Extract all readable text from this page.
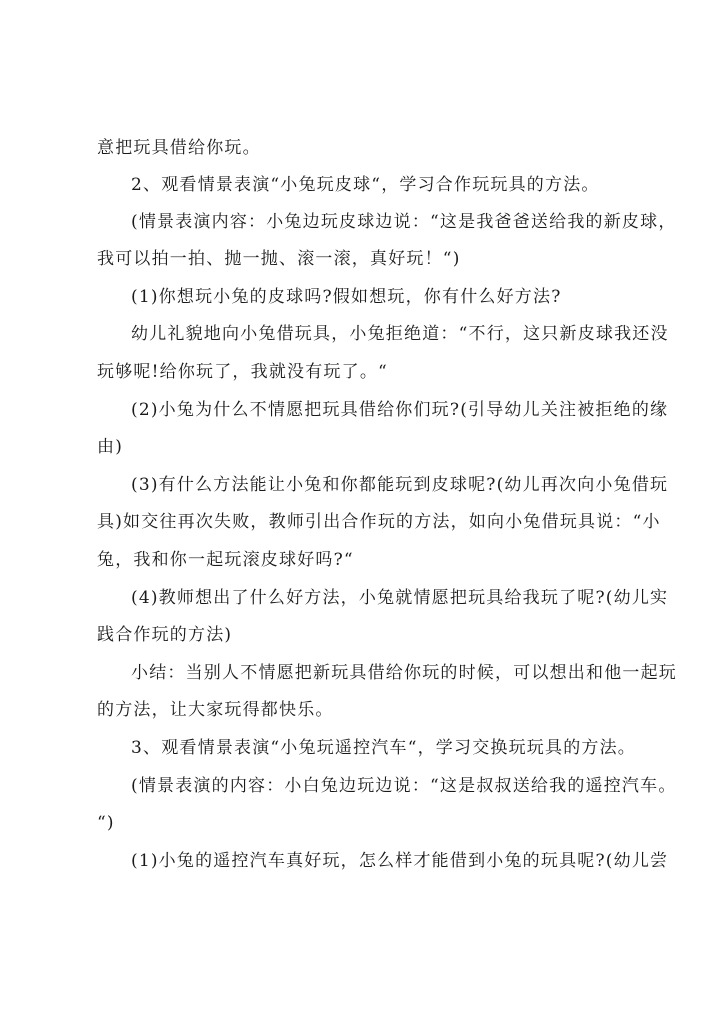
意把玩具借给你玩。
2、观看情景表演“小兔玩皮球“，学习合作玩玩具的方法。
(情景表演内容：小兔边玩皮球边说：“这是我爸爸送给我的新皮球，
我可以拍一拍、抛一抛、滚一滚，真好玩！“)
(1)你想玩小兔的皮球吗?假如想玩，你有什么好方法?
幼儿礼貌地向小兔借玩具，小兔拒绝道：“不行，这只新皮球我还没
玩够呢!给你玩了，我就没有玩了。“
(2)小兔为什么不情愿把玩具借给你们玩?(引导幼儿关注被拒绝的缘
由)
(3)有什么方法能让小兔和你都能玩到皮球呢?(幼儿再次向小兔借玩
具)如交往再次失败，教师引出合作玩的方法，如向小兔借玩具说：“小
兔，我和你一起玩滚皮球好吗?“
(4)教师想出了什么好方法，小兔就情愿把玩具给我玩了呢?(幼儿实
践合作玩的方法)
小结：当别人不情愿把新玩具借给你玩的时候，可以想出和他一起玩
的方法，让大家玩得都快乐。
3、观看情景表演“小兔玩遥控汽车“，学习交换玩玩具的方法。
(情景表演的内容：小白兔边玩边说：“这是叔叔送给我的遥控汽车。
“)
(1)小兔的遥控汽车真好玩，怎么样才能借到小兔的玩具呢?(幼儿尝
